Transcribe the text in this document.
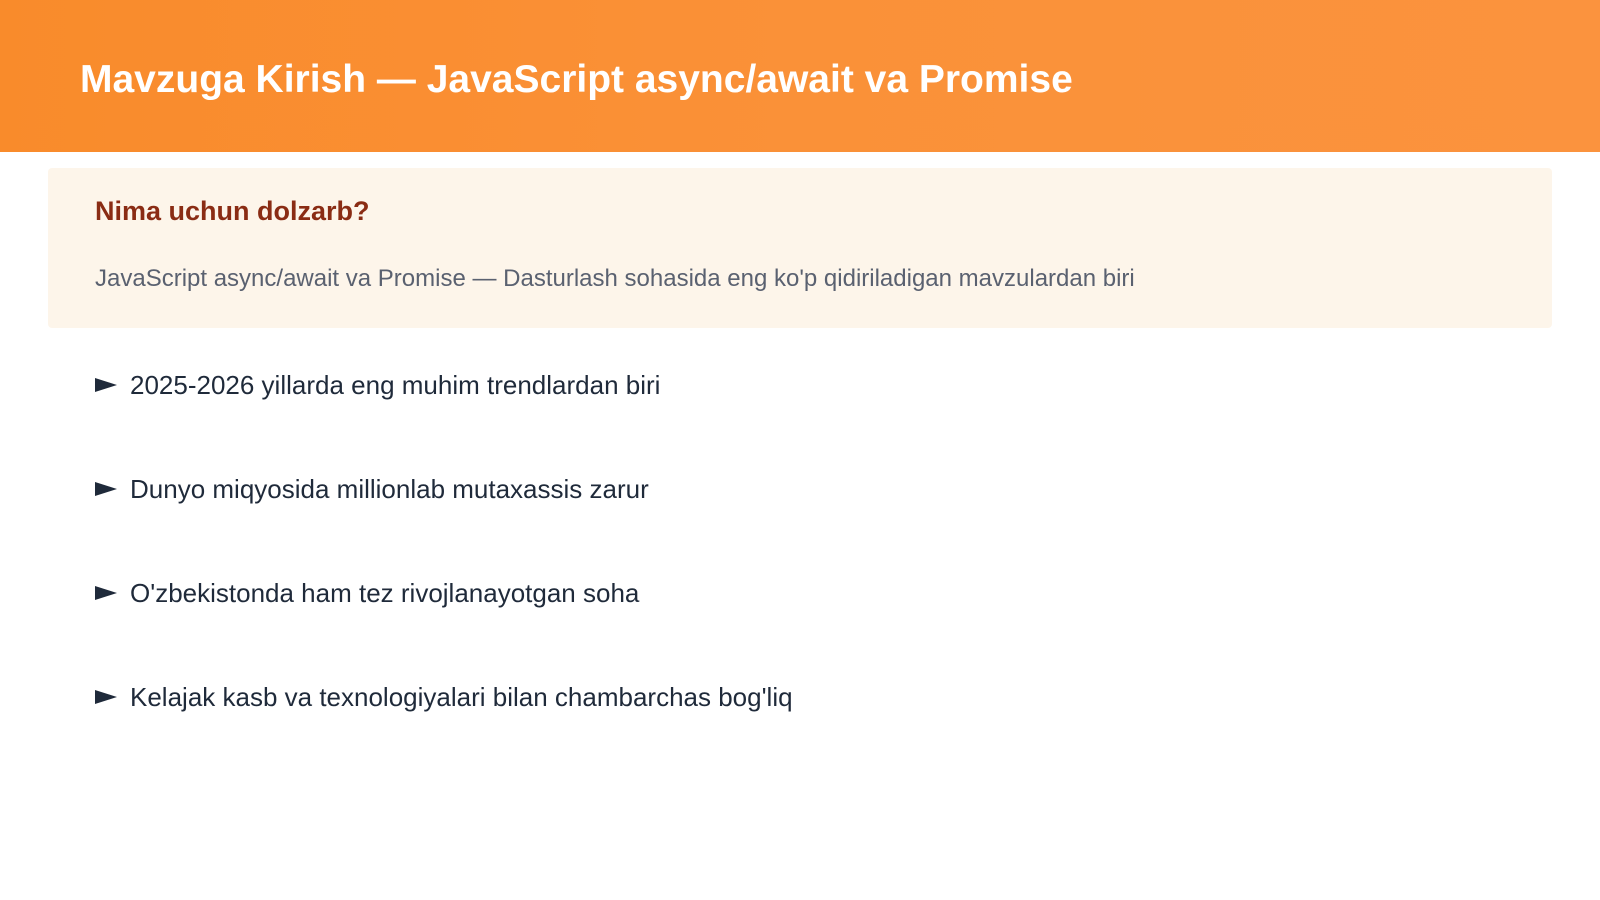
Mavzuga Kirish — JavaScript async/await va Promise
Nima uchun dolzarb?
JavaScript async/await va Promise — Dasturlash sohasida eng ko'p qidiriladigan mavzulardan biri
2025-2026 yillarda eng muhim trendlardan biri
Dunyo miqyosida millionlab mutaxassis zarur
O'zbekistonda ham tez rivojlanayotgan soha
Kelajak kasb va texnologiyalari bilan chambarchas bog'liq
